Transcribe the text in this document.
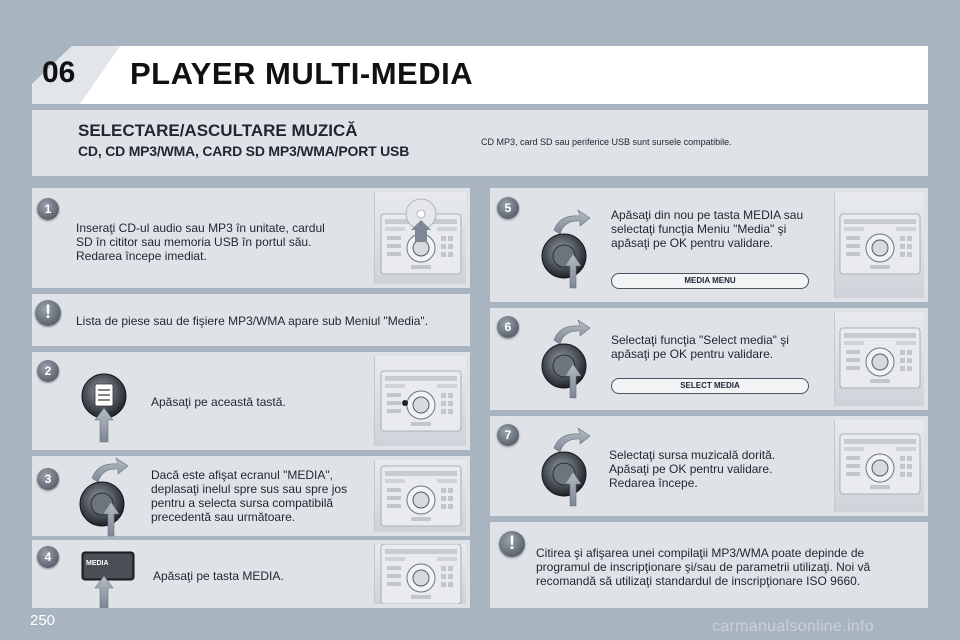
06 PLAYER MULTI-MEDIA
SELECTARE/ASCULTARE MUZICĂ
CD, CD MP3/WMA, CARD SD MP3/WMA/PORT USB
CD MP3, card SD sau periferice USB sunt sursele compatibile.
1
Inseraţi CD-ul audio sau MP3 în unitate, cardul
SD în cititor sau memoria USB în portul său.
Redarea începe imediat.
!	Lista de piese sau de fişiere MP3/WMA apare sub Meniul "Media".
2
Apăsaţi pe această tastă.
3	Dacă este afişat ecranul "MEDIA",
deplasaţi inelul spre sus sau spre jos
pentru a selecta sursa compatibilă
precedentă sau următoare.
4	MEDIA
Apăsaţi pe tasta MEDIA.
5	Apăsaţi din nou pe tasta MEDIA sau
selectaţi funcţia Meniu "Media" şi
apăsaţi pe OK pentru validare.
MEDIA MENU
6
Selectaţi funcţia "Select media" şi
apăsaţi pe OK pentru validare.
SELECT MEDIA
7
Selectaţi sursa muzicală dorită.
Apăsaţi pe OK pentru validare.
Redarea începe.
!	Citirea şi afişarea unei compilaţii MP3/WMA poate depinde de
programul de inscripţionare şi/sau de parametrii utilizaţi. Noi vă
recomandă să utilizaţi standardul de inscripţionare ISO 9660.
250	carmanualsonline.info
